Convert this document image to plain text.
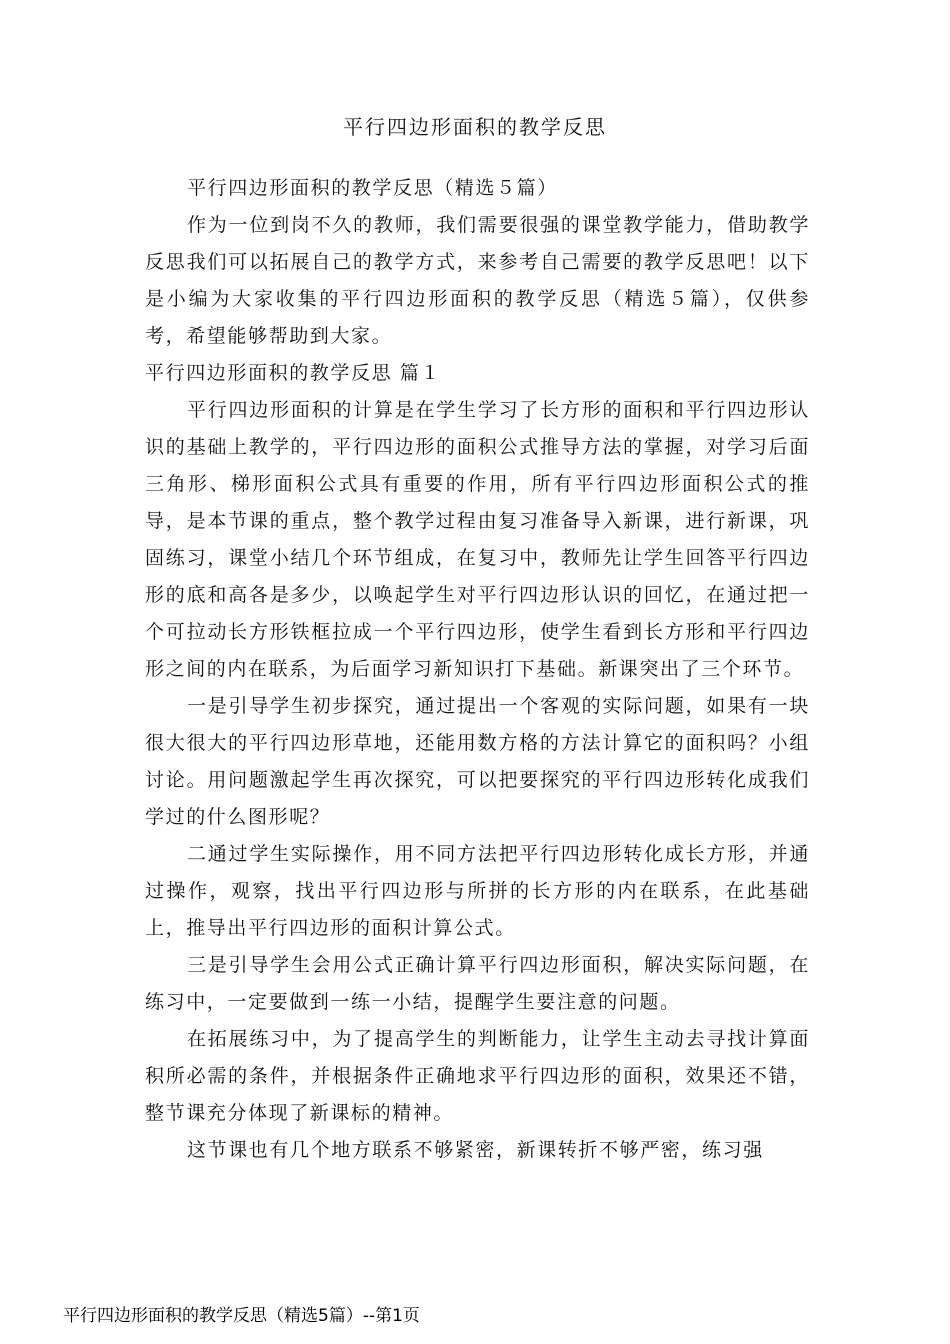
平行四边形面积的教学反思

平行四边形面积的教学反思（精选５篇）

作为一位到岗不久的教师，我们需要很强的课堂教学能力，借助教学反思我们可以拓展自己的教学方式，来参考自己需要的教学反思吧！以下是小编为大家收集的平行四边形面积的教学反思（精选５篇），仅供参考，希望能够帮助到大家。

平行四边形面积的教学反思 篇１

平行四边形面积的计算是在学生学习了长方形的面积和平行四边形认识的基础上教学的，平行四边形的面积公式推导方法的掌握，对学习后面三角形、梯形面积公式具有重要的作用，所有平行四边形面积公式的推导，是本节课的重点，整个教学过程由复习准备导入新课，进行新课，巩固练习，课堂小结几个环节组成，在复习中，教师先让学生回答平行四边形的底和高各是多少，以唤起学生对平行四边形认识的回忆，在通过把一个可拉动长方形铁框拉成一个平行四边形，使学生看到长方形和平行四边形之间的内在联系，为后面学习新知识打下基础。新课突出了三个环节。

一是引导学生初步探究，通过提出一个客观的实际问题，如果有一块很大很大的平行四边形草地，还能用数方格的方法计算它的面积吗？小组讨论。用问题激起学生再次探究，可以把要探究的平行四边形转化成我们学过的什么图形呢？

二通过学生实际操作，用不同方法把平行四边形转化成长方形，并通过操作，观察，找出平行四边形与所拼的长方形的内在联系，在此基础上，推导出平行四边形的面积计算公式。

三是引导学生会用公式正确计算平行四边形面积，解决实际问题，在练习中，一定要做到一练一小结，提醒学生要注意的问题。

在拓展练习中，为了提高学生的判断能力，让学生主动去寻找计算面积所必需的条件，并根据条件正确地求平行四边形的面积，效果还不错，整节课充分体现了新课标的精神。

这节课也有几个地方联系不够紧密，新课转折不够严密，练习强

平行四边形面积的教学反思（精选5篇）--第1页
